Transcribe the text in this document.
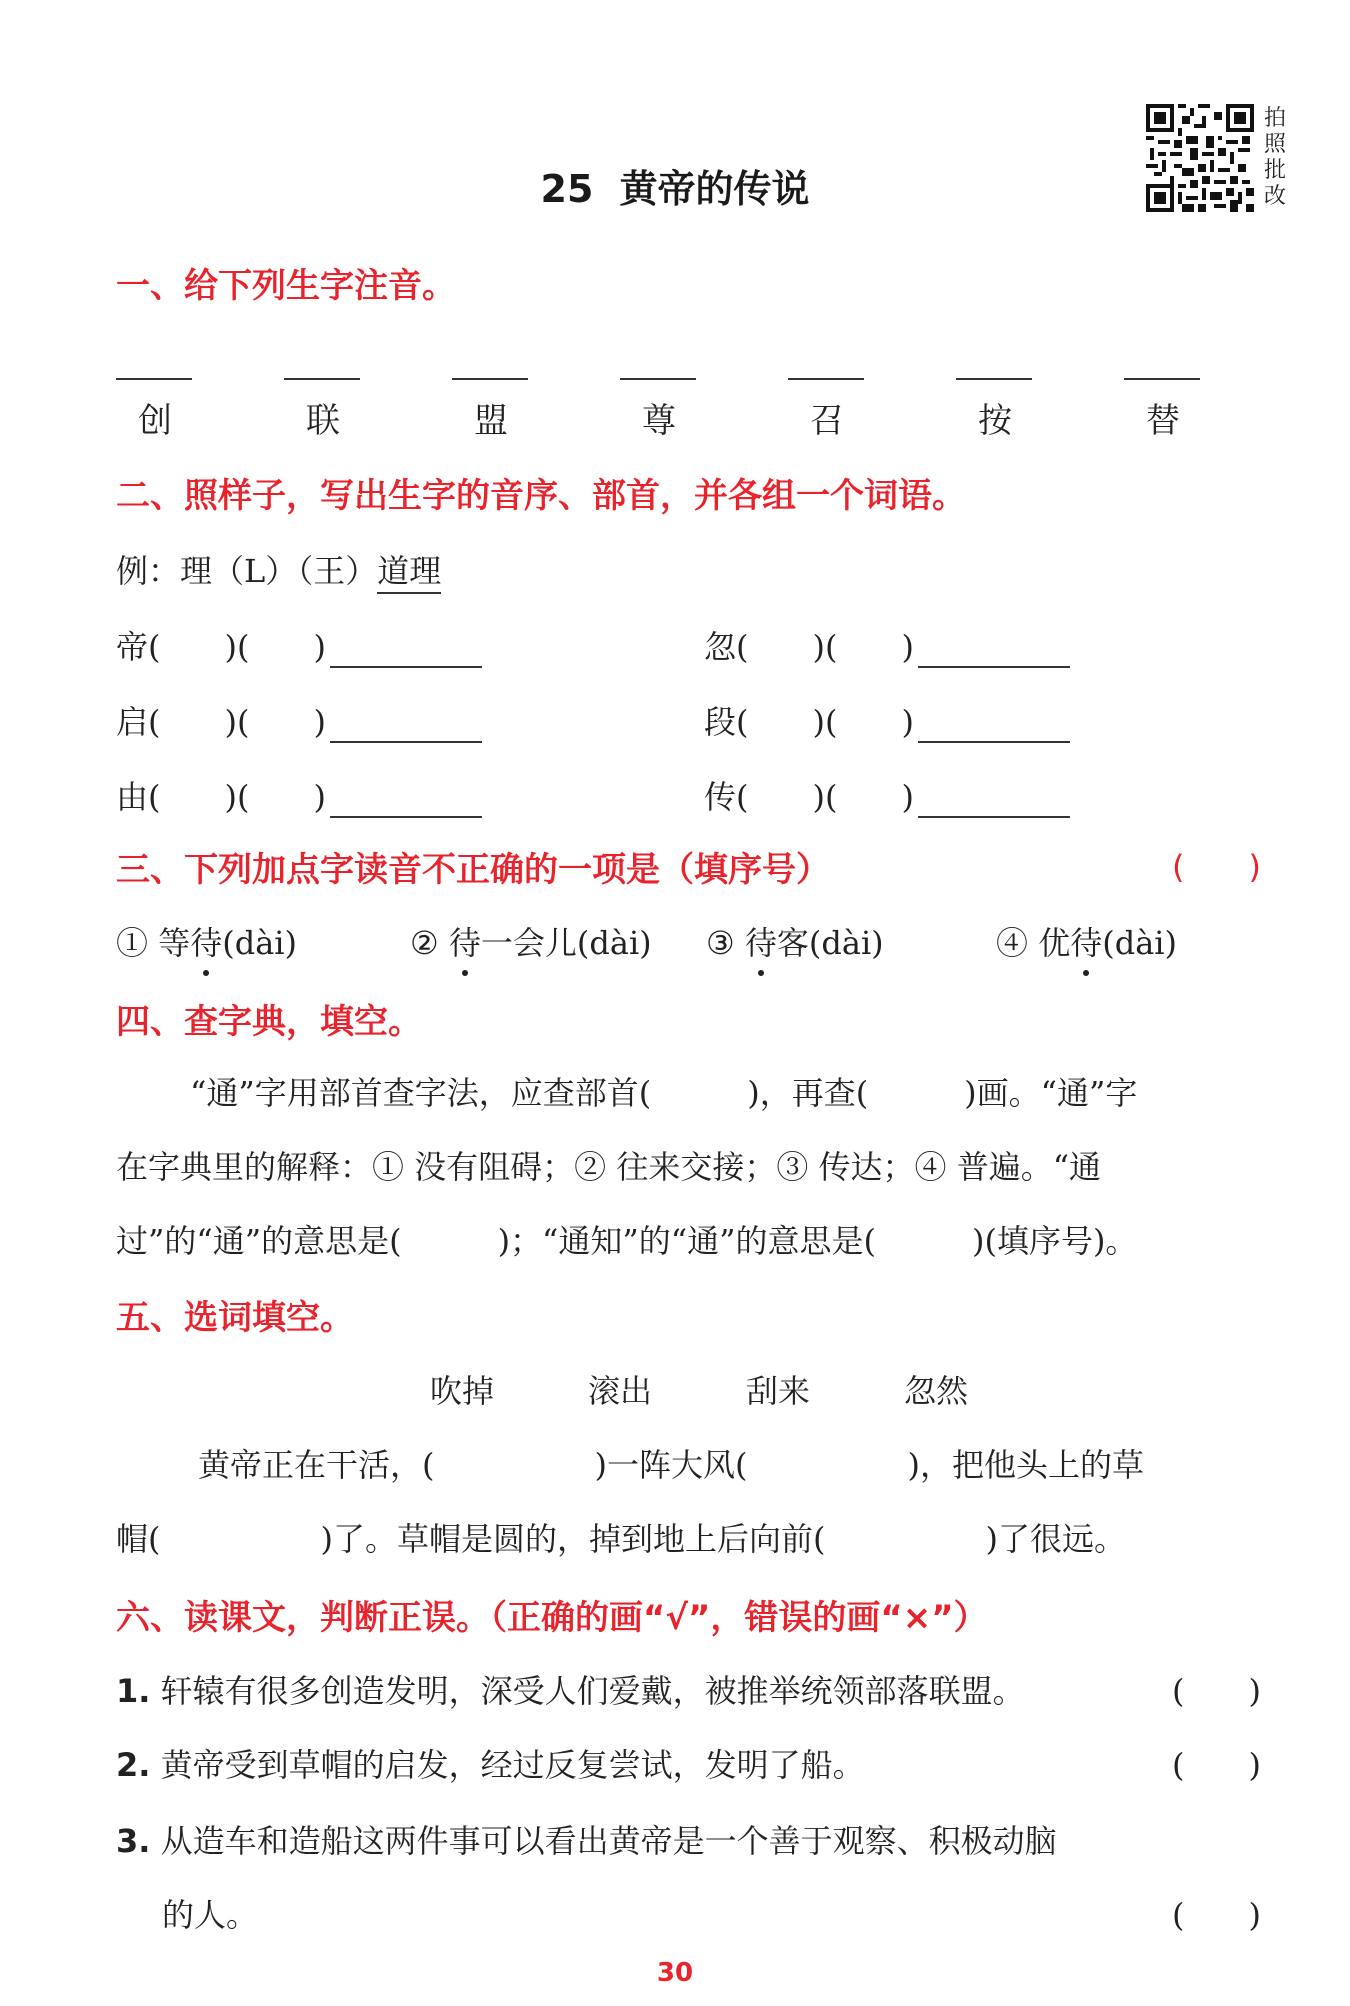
25 黄帝的传说
拍照批改
一、给下列生字注音。
创	联	盟	尊	召	按	替
二、照样子，写出生字的音序、部首，并各组一个词语。
例：理（L）（王）道理
帝(　　)(　　)
启(　　)(　　)
由(　　)(　　)
忽(　　)(　　)
段(　　)(　　)
传(　　)(　　)
三、下列加点字读音不正确的一项是（填序号）	(　　)
① 等待(dài)	② 待一会儿(dài) ③ 待客(dài)	④ 优待(dài)
四、查字典，填空。
“通”字用部首查字法，应查部首(　　　)，再查(　　　)画。“通”字
在字典里的解释：① 没有阻碍；② 往来交接；③ 传达；④ 普遍。“通
过”的“通”的意思是(　　　)；“通知”的“通”的意思是(　　　)(填序号)。
五、选词填空。
吹掉	滚出	刮来	忽然
黄帝正在干活，(　　　　　)一阵大风(　　　　　)，把他头上的草
帽(　　　　　)了。草帽是圆的，掉到地上后向前(　　　　　)了很远。
六、读课文，判断正误。（正确的画“√”，错误的画“×”）
1. 轩辕有很多创造发明，深受人们爱戴，被推举统领部落联盟。	(　　)
2. 黄帝受到草帽的启发，经过反复尝试，发明了船。	(　　)
3. 从造车和造船这两件事可以看出黄帝是一个善于观察、积极动脑
的人。	(　　)
30
